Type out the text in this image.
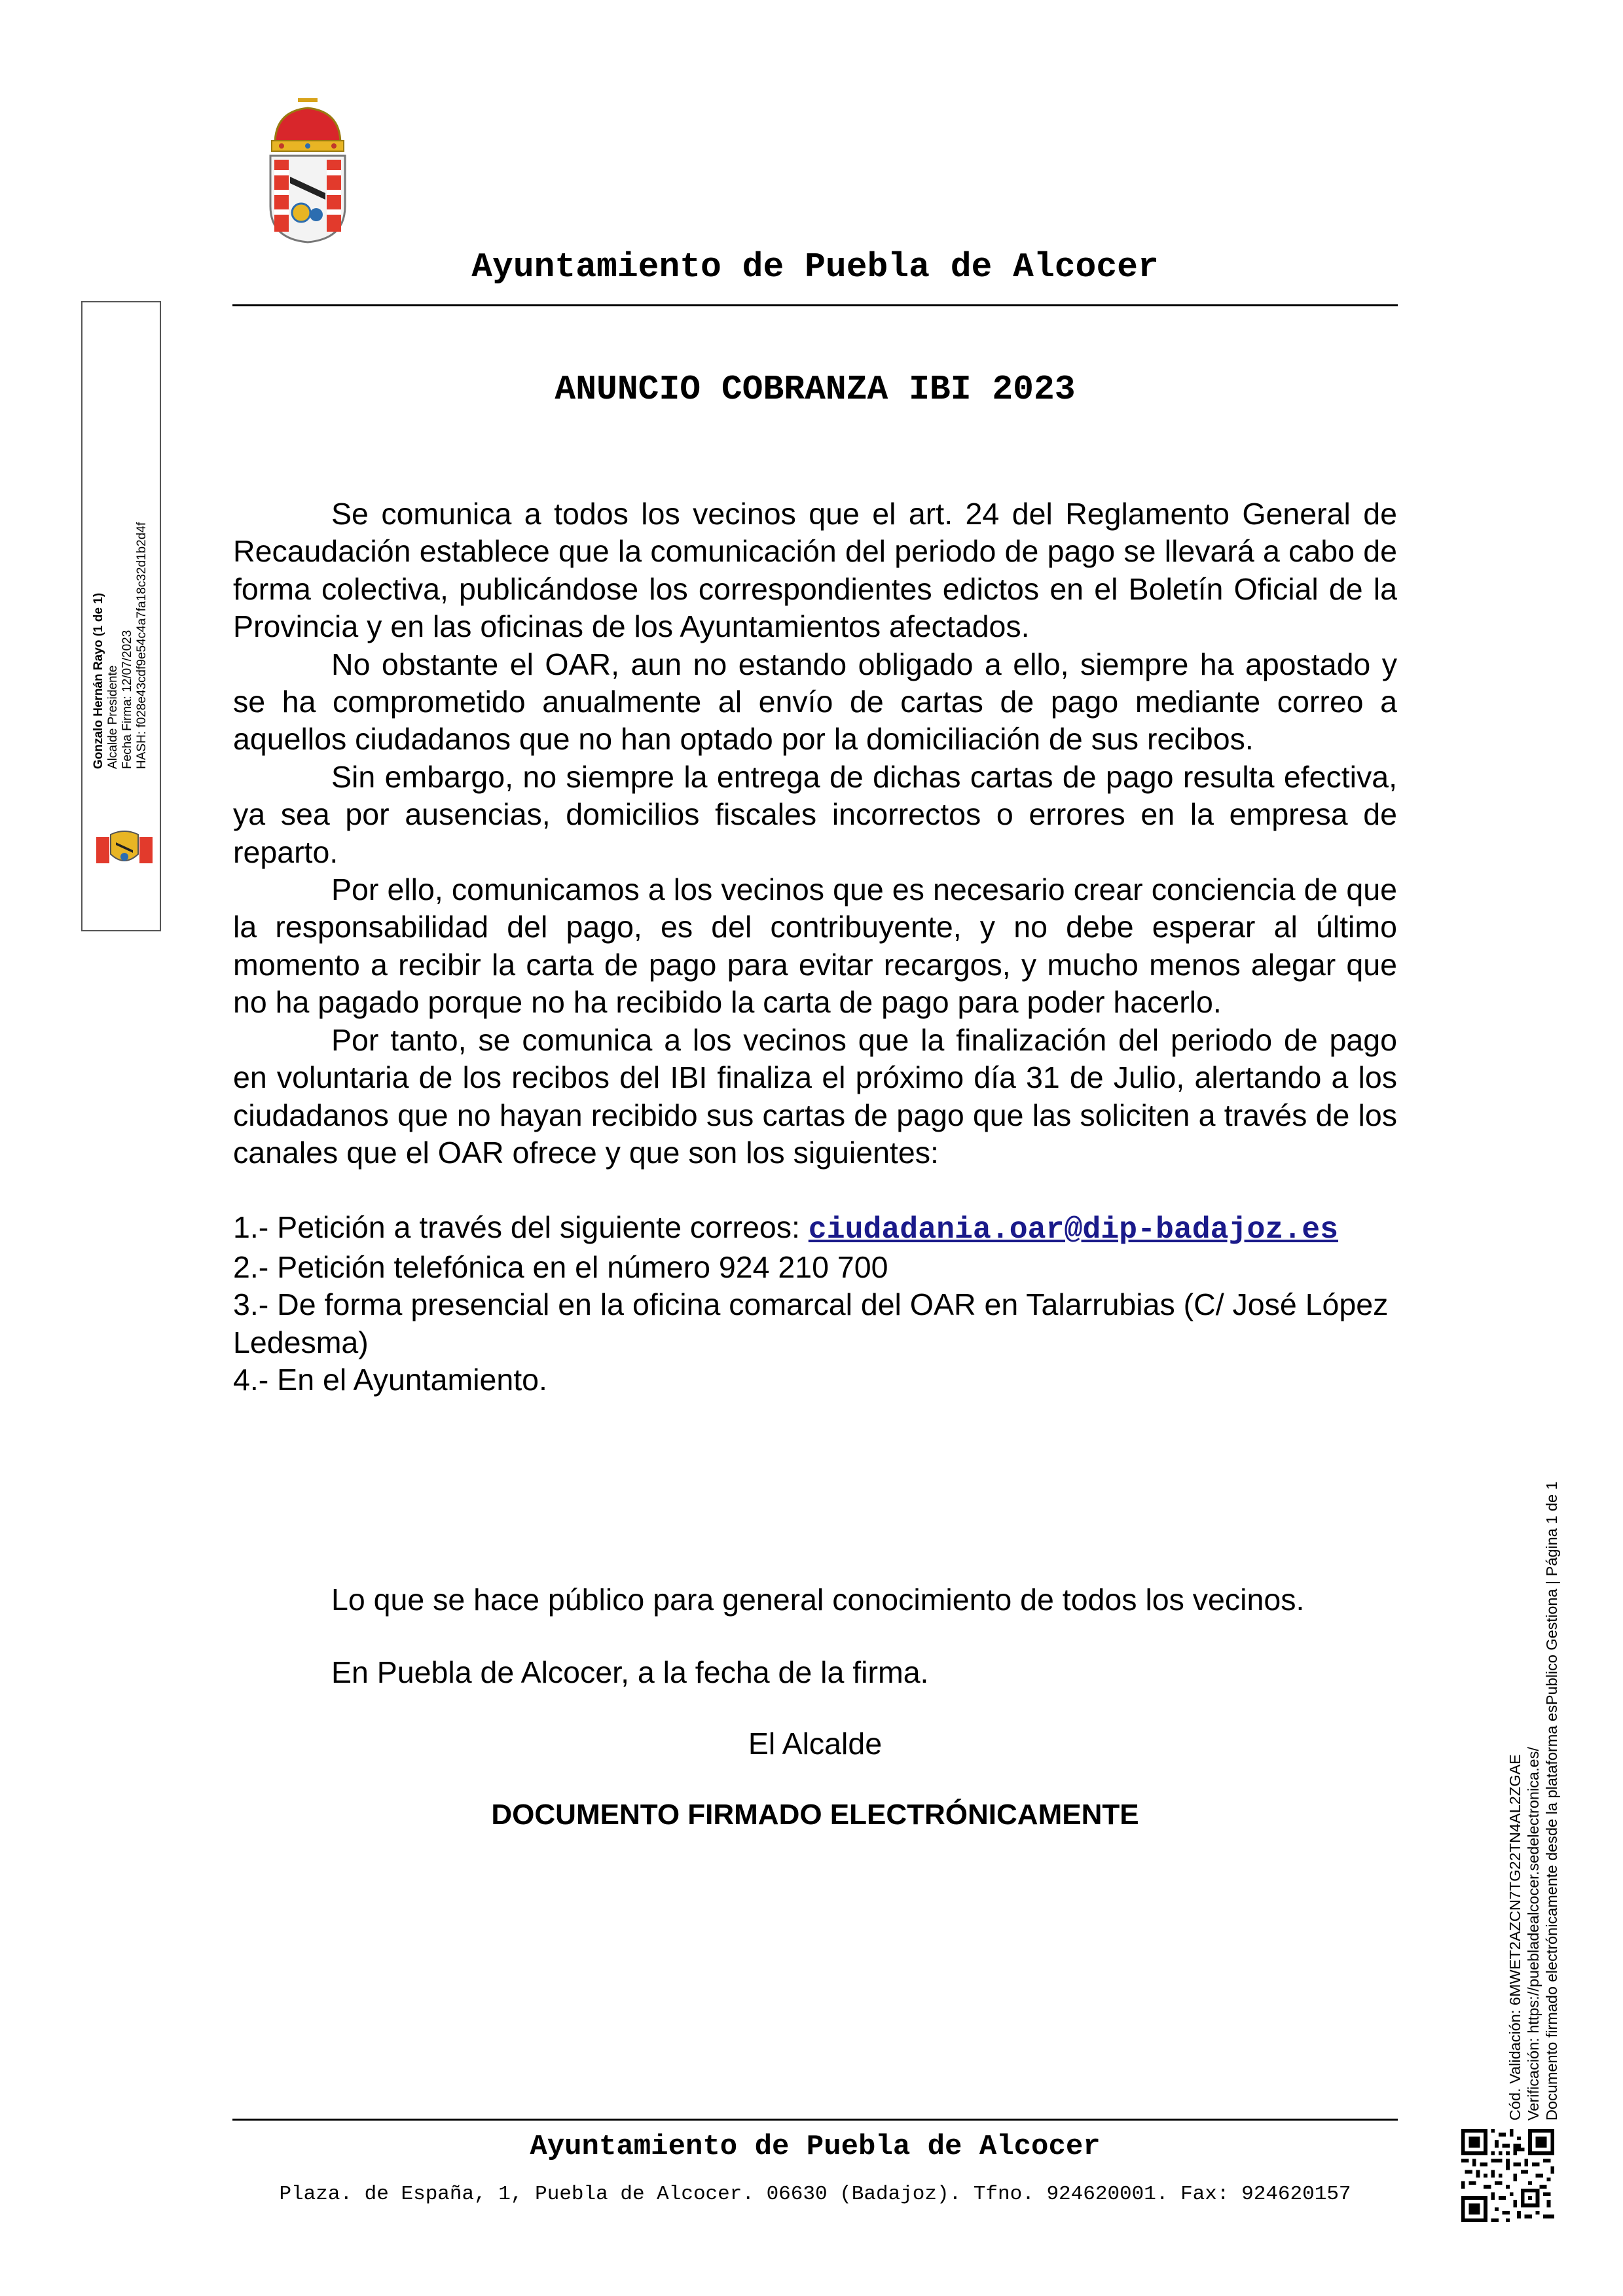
Ayuntamiento de Puebla de Alcocer
Gonzalo Hernán Rayo (1 de 1) Alcalde Presidente Fecha Firma: 12/07/2023 HASH: f028e43cdf9e54c4a7fa18c32d1b2d4f
ANUNCIO COBRANZA IBI 2023

Se comunica a todos los vecinos que el art. 24 del Reglamento General de Recaudación establece que la comunicación del periodo de pago se llevará a cabo de forma colectiva, publicándose los correspondientes edictos en el Boletín Oficial de la Provincia y en las oficinas de los Ayuntamientos afectados.

No obstante el OAR, aun no estando obligado a ello, siempre ha apostado y se ha comprometido anualmente al envío de cartas de pago mediante correo a aquellos ciudadanos que no han optado por la domiciliación de sus recibos.

Sin embargo, no siempre la entrega de dichas cartas de pago resulta efectiva, ya sea por ausencias, domicilios fiscales incorrectos o errores en la empresa de reparto.

Por ello, comunicamos a los vecinos que es necesario crear conciencia de que la responsabilidad del pago, es del contribuyente, y no debe esperar al último momento a recibir la carta de pago para evitar recargos, y mucho menos alegar que no ha pagado porque no ha recibido la carta de pago para poder hacerlo.

Por tanto, se comunica a los vecinos que la finalización del periodo de pago en voluntaria de los recibos del IBI finaliza el próximo día 31 de Julio, alertando a los ciudadanos que no hayan recibido sus cartas de pago que las soliciten a través de los canales que el OAR ofrece y que son los siguientes:

1.- Petición a través del siguiente correos: ciudadania.oar@dip-badajoz.es
2.- Petición telefónica en el número 924 210 700
3.- De forma presencial en la oficina comarcal del OAR en Talarrubias (C/ José López Ledesma)
4.- En el Ayuntamiento.
Lo que se hace público para general conocimiento de todos los vecinos.
En Puebla de Alcocer, a la fecha de la firma.
El Alcalde
DOCUMENTO FIRMADO ELECTRÓNICAMENTE
Ayuntamiento de Puebla de Alcocer
Plaza. de España, 1, Puebla de Alcocer. 06630 (Badajoz). Tfno. 924620001. Fax: 924620157
Cód. Validación: 6MWET2AZCN7TG22TN4AL2ZGAE Verificación: https://puebladealcocer.sedelectronica.es/ Documento firmado electrónicamente desde la plataforma esPublico Gestiona | Página 1 de 1
